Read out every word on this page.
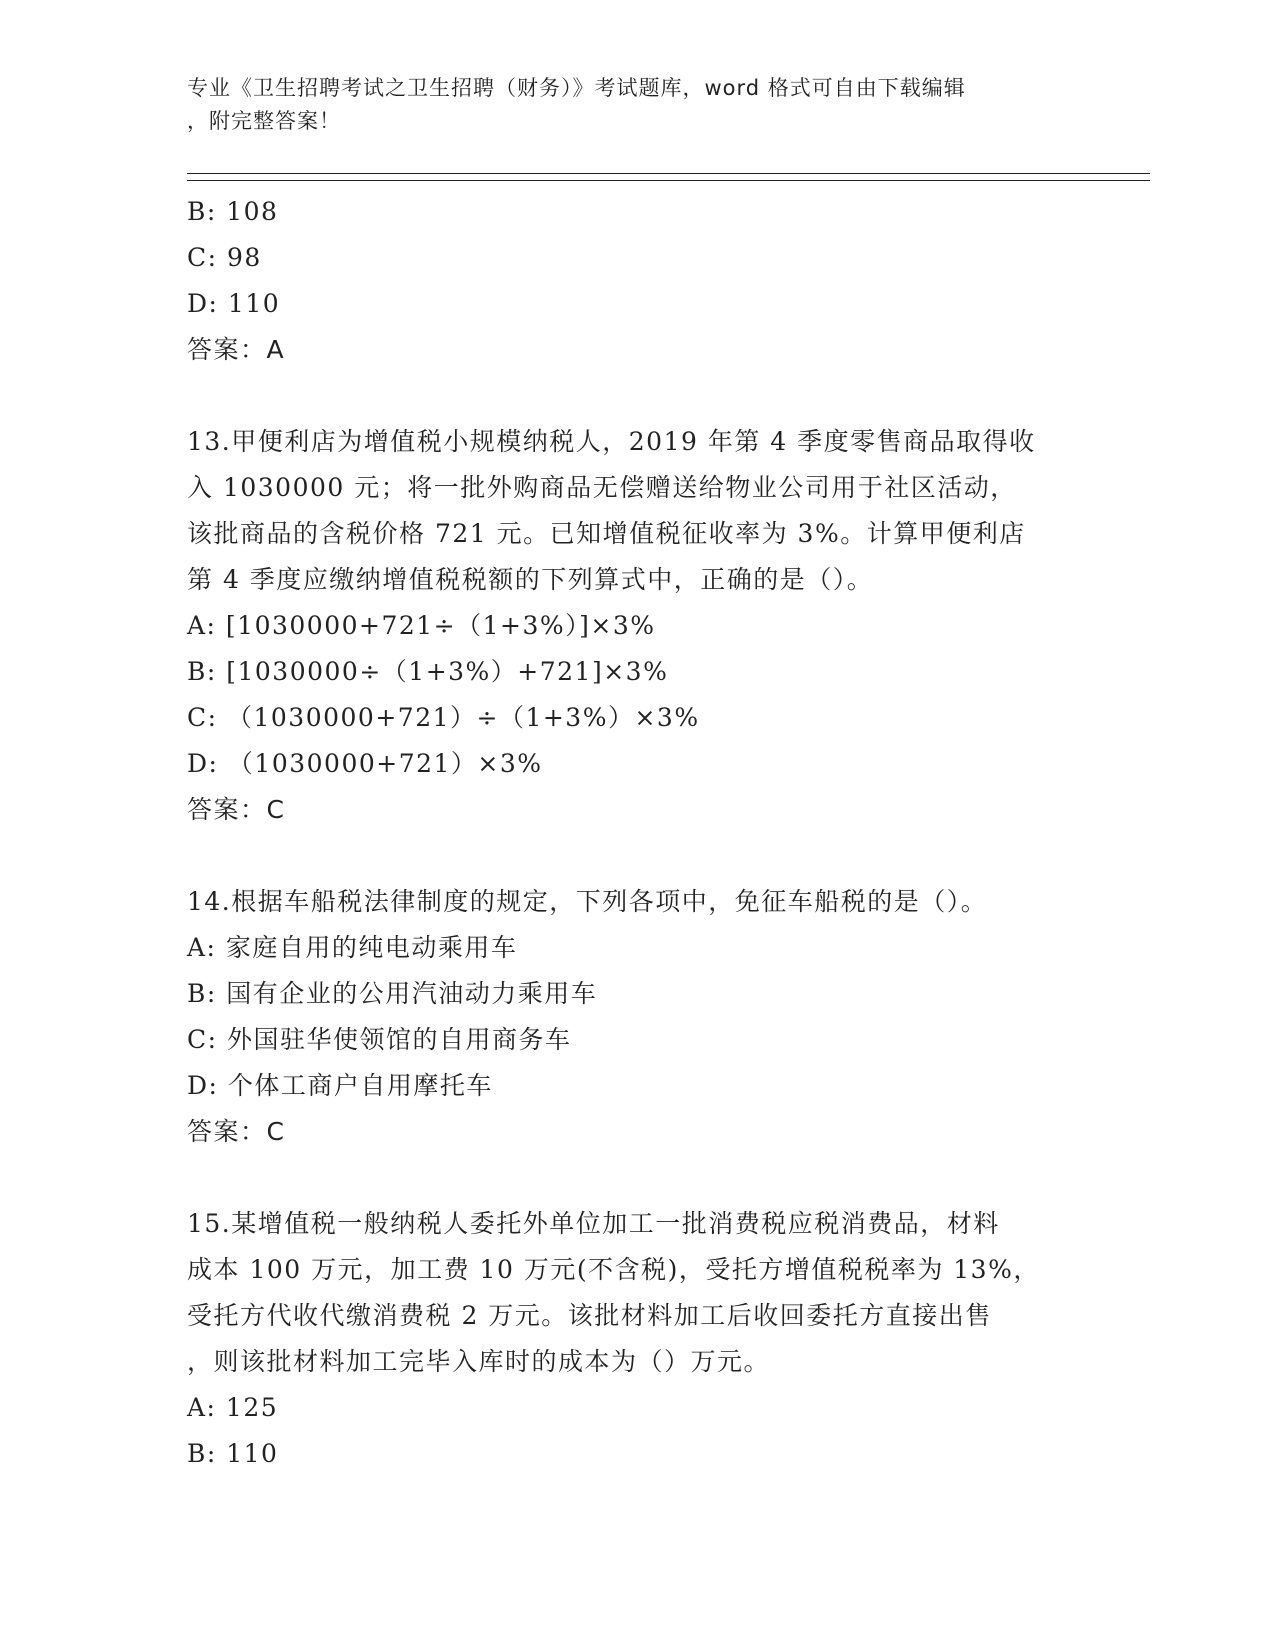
专业《卫生招聘考试之卫生招聘（财务）》考试题库，word 格式可自由下载编辑
，附完整答案！
B: 108
C: 98
D: 110
答案：A
13.甲便利店为增值税小规模纳税人，2019 年第 4 季度零售商品取得收
入 1030000 元；将一批外购商品无偿赠送给物业公司用于社区活动，
该批商品的含税价格 721 元。已知增值税征收率为 3%。计算甲便利店
第 4 季度应缴纳增值税税额的下列算式中，正确的是（）。
A: [1030000+721÷（1+3%）]×3%
B: [1030000÷（1+3%）+721]×3%
C: （1030000+721）÷（1+3%）×3%
D: （1030000+721）×3%
答案：C
14.根据车船税法律制度的规定，下列各项中，免征车船税的是（）。
A: 家庭自用的纯电动乘用车
B: 国有企业的公用汽油动力乘用车
C: 外国驻华使领馆的自用商务车
D: 个体工商户自用摩托车
答案：C
15.某增值税一般纳税人委托外单位加工一批消费税应税消费品，材料
成本 100 万元，加工费 10 万元(不含税)，受托方增值税税率为 13%，
受托方代收代缴消费税 2 万元。该批材料加工后收回委托方直接出售
，则该批材料加工完毕入库时的成本为（）万元。
A: 125
B: 110
